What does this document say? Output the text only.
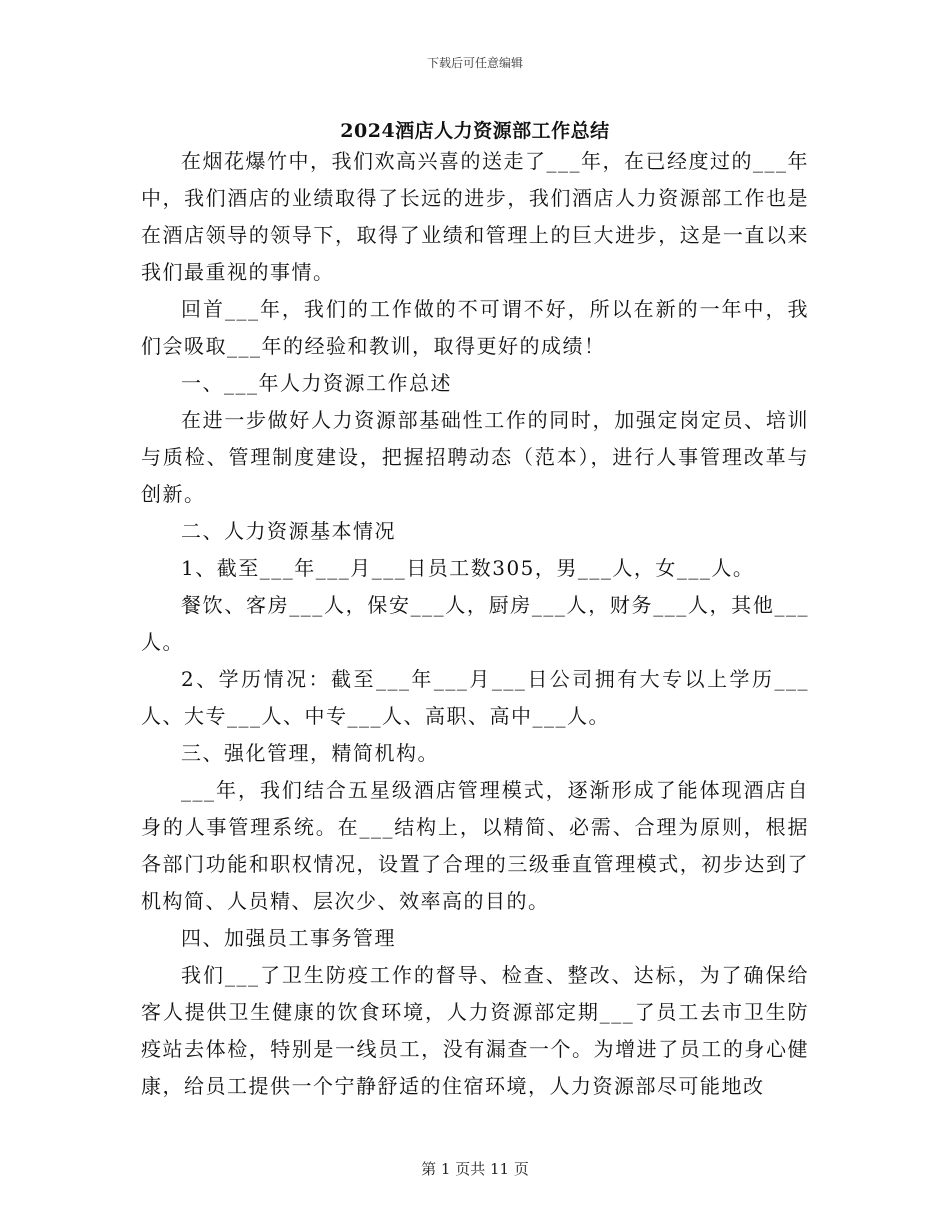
下载后可任意编辑
2024酒店人力资源部工作总结

在烟花爆竹中，我们欢高兴喜的送走了___年，在已经度过的___年中，我们酒店的业绩取得了长远的进步，我们酒店人力资源部工作也是在酒店领导的领导下，取得了业绩和管理上的巨大进步，这是一直以来我们最重视的事情。

回首___年，我们的工作做的不可谓不好，所以在新的一年中，我们会吸取___年的经验和教训，取得更好的成绩！

一、___年人力资源工作总述

在进一步做好人力资源部基础性工作的同时，加强定岗定员、培训与质检、管理制度建设，把握招聘动态（范本），进行人事管理改革与创新。

二、人力资源基本情况

1、截至___年___月___日员工数305，男___人，女___人。

餐饮、客房___人，保安___人，厨房___人，财务___人，其他___人。

2、学历情况：截至___年___月___日公司拥有大专以上学历___人、大专___人、中专___人、高职、高中___人。

三、强化管理，精简机构。

___年，我们结合五星级酒店管理模式，逐渐形成了能体现酒店自身的人事管理系统。在___结构上，以精简、必需、合理为原则，根据各部门功能和职权情况，设置了合理的三级垂直管理模式，初步达到了机构简、人员精、层次少、效率高的目的。

四、加强员工事务管理

我们___了卫生防疫工作的督导、检查、整改、达标，为了确保给客人提供卫生健康的饮食环境，人力资源部定期___了员工去市卫生防疫站去体检，特别是一线员工，没有漏查一个。为增进了员工的身心健康，给员工提供一个宁静舒适的住宿环境，人力资源部尽可能地改

第 1 页共 11 页
